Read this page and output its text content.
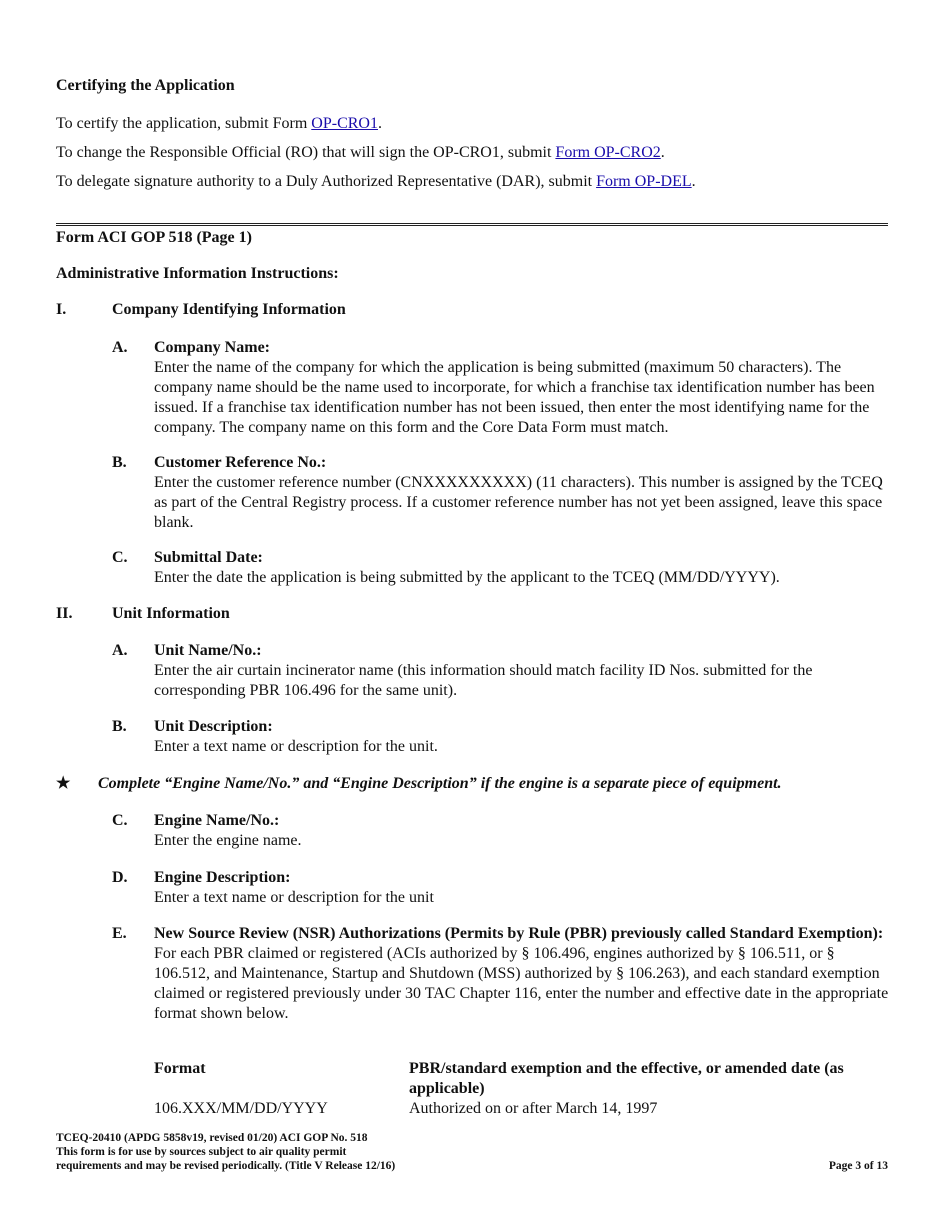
Certifying the Application

To certify the application, submit Form OP-CRO1.

To change the Responsible Official (RO) that will sign the OP-CRO1, submit Form OP-CRO2.

To delegate signature authority to a Duly Authorized Representative (DAR), submit Form OP-DEL.

Form ACI GOP 518 (Page 1)
Administrative Information Instructions:
I.	Company Identifying Information
A. Company Name:
Enter the name of the company for which the application is being submitted (maximum 50 characters). The company name should be the name used to incorporate, for which a franchise tax identification number has been issued. If a franchise tax identification number has not been issued, then enter the most identifying name for the company. The company name on this form and the Core Data Form must match.
B. Customer Reference No.:
Enter the customer reference number (CNXXXXXXXXX) (11 characters). This number is assigned by the TCEQ as part of the Central Registry process. If a customer reference number has not yet been assigned, leave this space blank.
C. Submittal Date:
Enter the date the application is being submitted by the applicant to the TCEQ (MM/DD/YYYY).
II. Unit Information
A. Unit Name/No.:
Enter the air curtain incinerator name (this information should match facility ID Nos. submitted for the corresponding PBR 106.496 for the same unit).
B. Unit Description:
Enter a text name or description for the unit.
★ Complete “Engine Name/No.” and “Engine Description” if the engine is a separate piece of equipment.
C. Engine Name/No.:
Enter the engine name.
D. Engine Description:
Enter a text name or description for the unit
E. New Source Review (NSR) Authorizations (Permits by Rule (PBR) previously called Standard Exemption):
For each PBR claimed or registered (ACIs authorized by § 106.496, engines authorized by § 106.511, or § 106.512, and Maintenance, Startup and Shutdown (MSS) authorized by § 106.263), and each standard exemption claimed or registered previously under 30 TAC Chapter 116, enter the number and effective date in the appropriate format shown below.
Format	PBR/standard exemption and the effective, or amended date (as applicable)
106.XXX/MM/DD/YYYY	Authorized on or after March 14, 1997
TCEQ-20410 (APDG 5858v19, revised 01/20) ACI GOP No. 518
This form is for use by sources subject to air quality permit
requirements and may be revised periodically. (Title V Release 12/16)	Page 3 of 13
